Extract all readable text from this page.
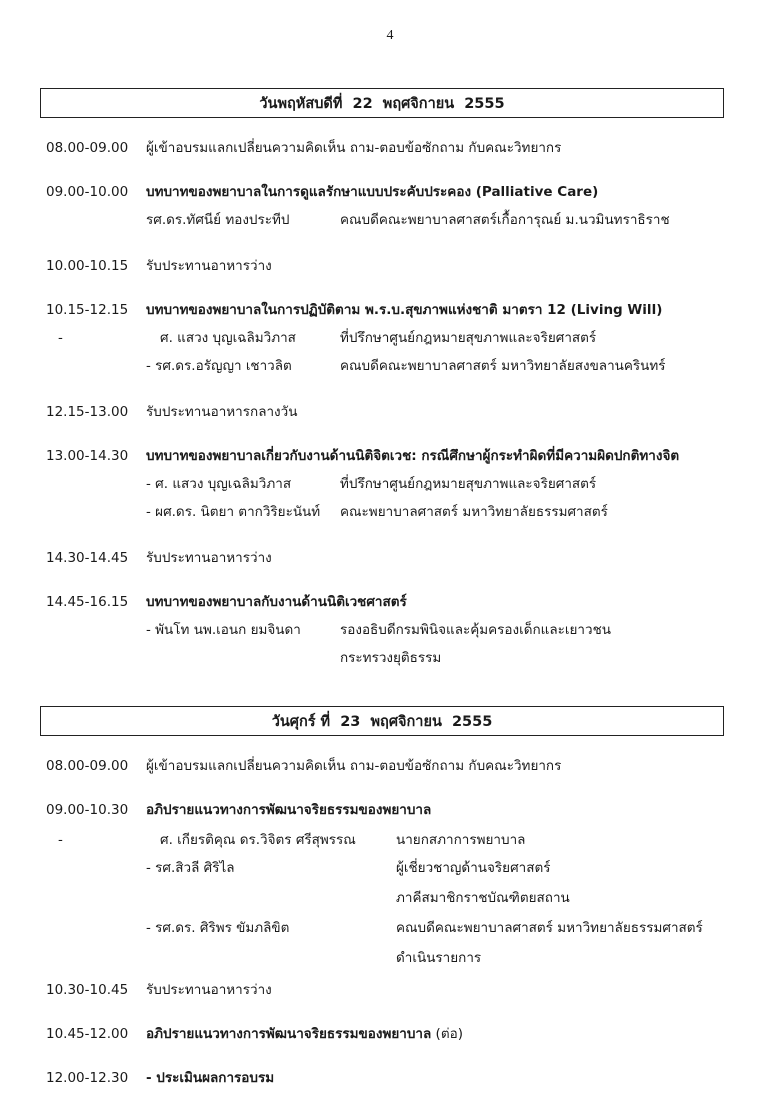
4
วันพฤหัสบดีที่  22  พฤศจิกายน  2555
08.00-09.00 ผู้เข้าอบรมแลกเปลี่ยนความคิดเห็น ถาม-ตอบข้อซักถาม กับคณะวิทยากร
09.00-10.00 บทบาทของพยาบาลในการดูแลรักษาแบบประคับประคอง (Palliative Care)
รศ.ดร.ทัศนีย์ ทองประทีป	คณบดีคณะพยาบาลศาสตร์เกื้อการุณย์ ม.นวมินทราธิราช
10.00-10.15 รับประทานอาหารว่าง
10.15-12.15 บทบาทของพยาบาลในการปฏิบัติตาม พ.ร.บ.สุขภาพแห่งชาติ มาตรา 12 (Living Will)
-	ศ. แสวง บุญเฉลิมวิภาส	ที่ปรึกษาศูนย์กฎหมายสุขภาพและจริยศาสตร์
- รศ.ดร.อรัญญา เชาวลิต	คณบดีคณะพยาบาลศาสตร์ มหาวิทยาลัยสงขลานครินทร์
12.15-13.00 รับประทานอาหารกลางวัน
13.00-14.30 บทบาทของพยาบาลเกี่ยวกับงานด้านนิติจิตเวช: กรณีศึกษาผู้กระทำผิดที่มีความผิดปกติทางจิต
- ศ. แสวง บุญเฉลิมวิภาส	ที่ปรึกษาศูนย์กฎหมายสุขภาพและจริยศาสตร์
- ผศ.ดร. นิตยา ตากวิริยะนันท์ คณะพยาบาลศาสตร์ มหาวิทยาลัยธรรมศาสตร์
14.30-14.45 รับประทานอาหารว่าง
14.45-16.15 บทบาทของพยาบาลกับงานด้านนิติเวชศาสตร์
- พันโท นพ.เอนก ยมจินดา	รองอธิบดีกรมพินิจและคุ้มครองเด็กและเยาวชน
กระทรวงยุติธรรม
วันศุกร์ ที่  23  พฤศจิกายน  2555
08.00-09.00 ผู้เข้าอบรมแลกเปลี่ยนความคิดเห็น ถาม-ตอบข้อซักถาม กับคณะวิทยากร
09.00-10.30 อภิปรายแนวทางการพัฒนาจริยธรรมของพยาบาล
-	ศ. เกียรติคุณ ดร.วิจิตร ศรีสุพรรณ	นายกสภาการพยาบาล
- รศ.สิวลี ศิริไล	ผู้เชี่ยวชาญด้านจริยศาสตร์
ภาคีสมาชิกราชบัณฑิตยสถาน
- รศ.ดร. ศิริพร ขัมภลิขิต	คณบดีคณะพยาบาลศาสตร์ มหาวิทยาลัยธรรมศาสตร์
ดำเนินรายการ
10.30-10.45 รับประทานอาหารว่าง
10.45-12.00 อภิปรายแนวทางการพัฒนาจริยธรรมของพยาบาล (ต่อ)
12.00-12.30 - ประเมินผลการอบรม
